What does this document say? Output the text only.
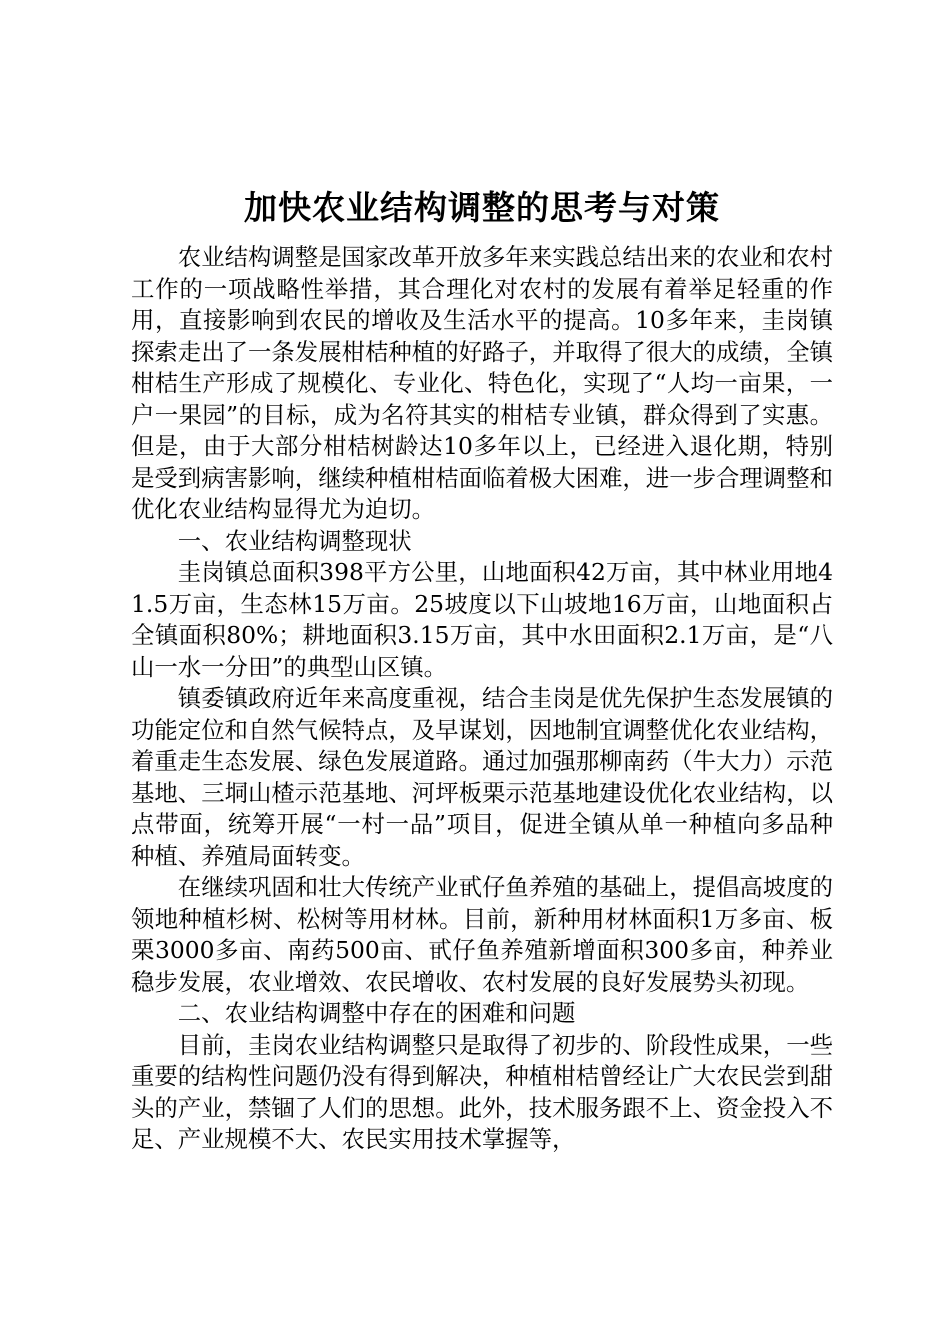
加快农业结构调整的思考与对策

农业结构调整是国家改革开放多年来实践总结出来的农业和农村工作的一项战略性举措，其合理化对农村的发展有着举足轻重的作用，直接影响到农民的增收及生活水平的提高。10多年来，圭岗镇探索走出了一条发展柑桔种植的好路子，并取得了很大的成绩，全镇柑桔生产形成了规模化、专业化、特色化，实现了“人均一亩果，一户一果园”的目标，成为名符其实的柑桔专业镇，群众得到了实惠。但是，由于大部分柑桔树龄达10多年以上，已经进入退化期，特别是受到病害影响，继续种植柑桔面临着极大困难，进一步合理调整和优化农业结构显得尤为迫切。

一、农业结构调整现状

圭岗镇总面积398平方公里，山地面积42万亩，其中林业用地41.5万亩，生态林15万亩。25坡度以下山坡地16万亩，山地面积占全镇面积80%；耕地面积3.15万亩，其中水田面积2.1万亩，是“八山一水一分田”的典型山区镇。

镇委镇政府近年来高度重视，结合圭岗是优先保护生态发展镇的功能定位和自然气候特点，及早谋划，因地制宜调整优化农业结构，着重走生态发展、绿色发展道路。通过加强那柳南药（牛大力）示范基地、三垌山楂示范基地、河坪板栗示范基地建设优化农业结构，以点带面，统筹开展“一村一品”项目，促进全镇从单一种植向多品种种植、养殖局面转变。

在继续巩固和壮大传统产业甙仔鱼养殖的基础上，提倡高坡度的领地种植杉树、松树等用材林。目前，新种用材林面积1万多亩、板栗3000多亩、南药500亩、甙仔鱼养殖新增面积300多亩，种养业稳步发展，农业增效、农民增收、农村发展的良好发展势头初现。

二、农业结构调整中存在的困难和问题

目前，圭岗农业结构调整只是取得了初步的、阶段性成果，一些重要的结构性问题仍没有得到解决，种植柑桔曾经让广大农民尝到甜头的产业，禁锢了人们的思想。此外，技术服务跟不上、资金投入不足、产业规模不大、农民实用技术掌握等，
